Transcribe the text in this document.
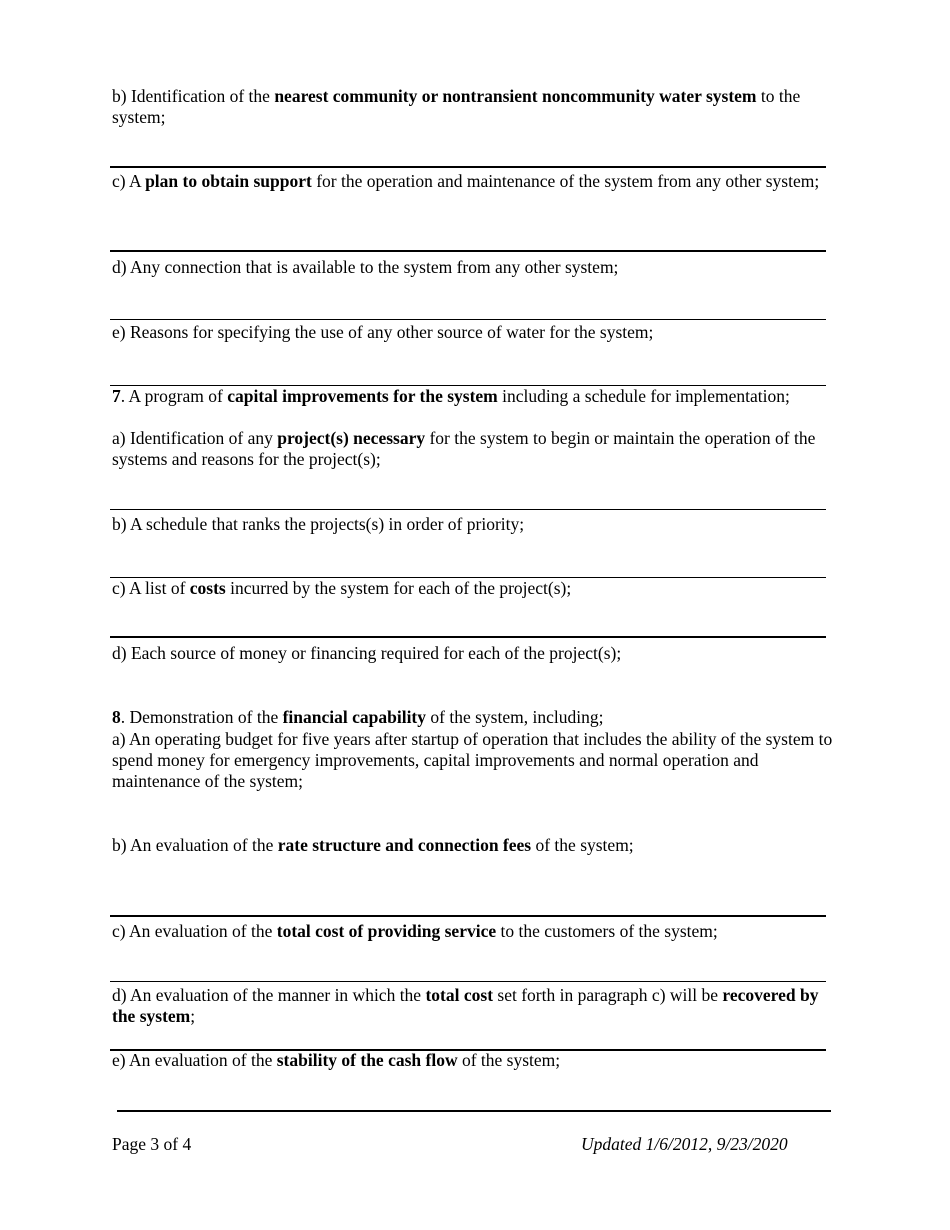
b) Identification of the nearest community or nontransient noncommunity water system to the system;

c) A plan to obtain support for the operation and maintenance of the system from any other system;

d) Any connection that is available to the system from any other system;

e) Reasons for specifying the use of any other source of water for the system;

7. A program of capital improvements for the system including a schedule for implementation;

a) Identification of any project(s) necessary for the system to begin or maintain the operation of the systems and reasons for the project(s);

b) A schedule that ranks the projects(s) in order of priority;

c) A list of costs incurred by the system for each of the project(s);

d) Each source of money or financing required for each of the project(s);

8. Demonstration of the financial capability of the system, including;

a) An operating budget for five years after startup of operation that includes the ability of the system to spend money for emergency improvements, capital improvements and normal operation and maintenance of the system;

b) An evaluation of the rate structure and connection fees of the system;

c) An evaluation of the total cost of providing service to the customers of the system;

d) An evaluation of the manner in which the total cost set forth in paragraph c) will be recovered by the system;

e) An evaluation of the stability of the cash flow of the system;

Page 3 of 4	Updated 1/6/2012, 9/23/2020
